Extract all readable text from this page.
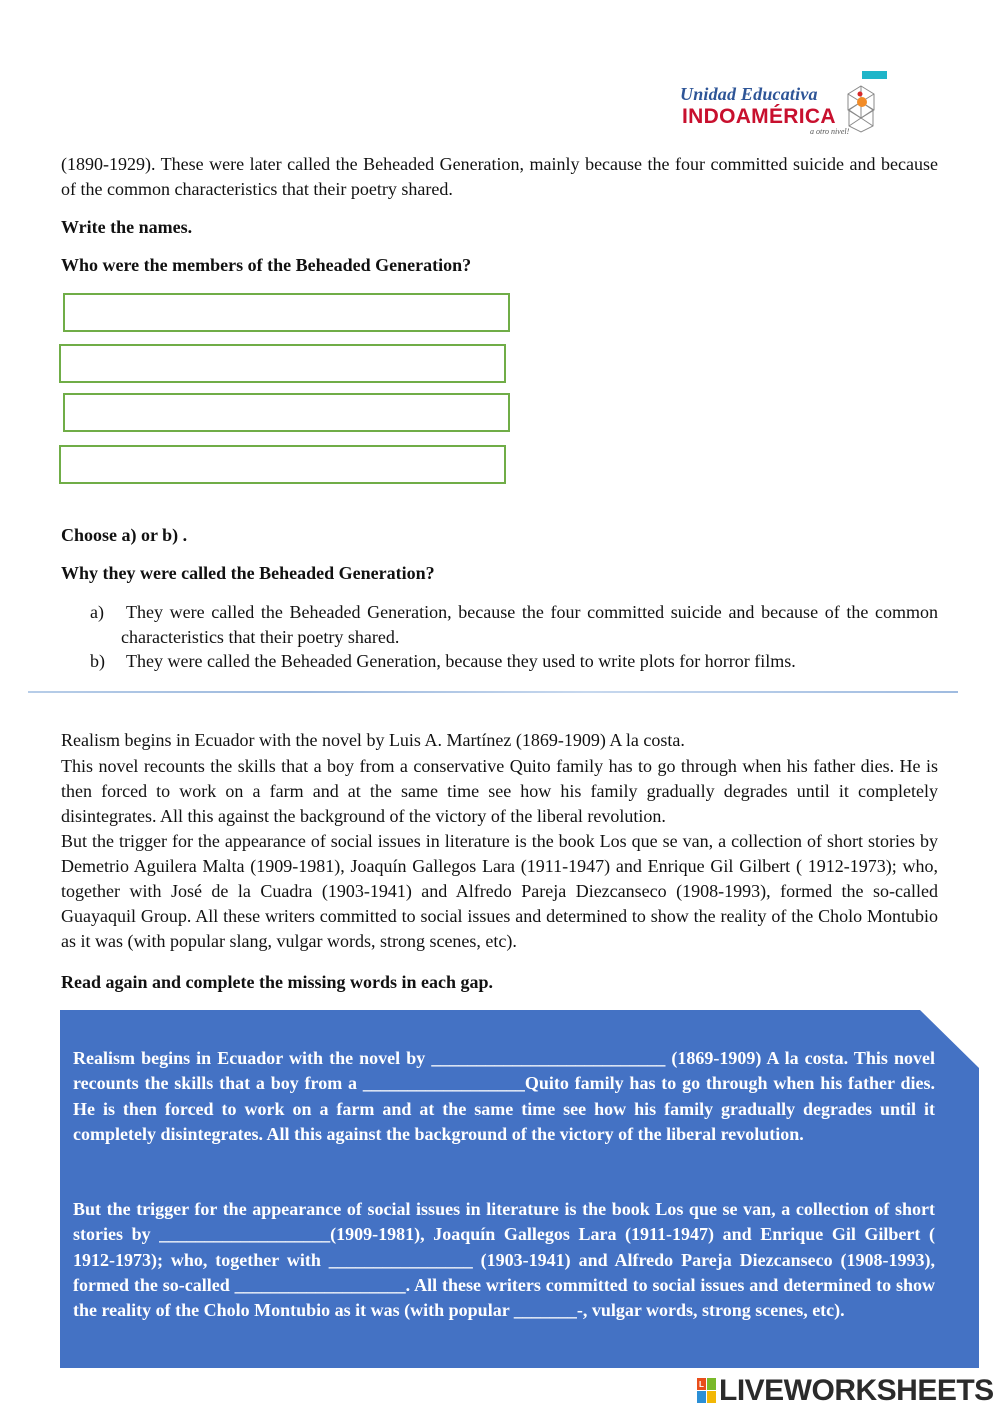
Unidad Educativa
INDOAMÉRICA
a otro nivel!

(1890-1929). These were later called the Beheaded Generation, mainly because the four committed suicide and because of the common characteristics that their poetry shared.

Write the names.

Who were the members of the Beheaded Generation?

Choose a) or b) .

Why they were called the Beheaded Generation?

a)	They were called the Beheaded Generation, because the four committed suicide and because of the common characteristics that their poetry shared.
b)	They were called the Beheaded Generation, because they used to write plots for horror films.

Realism begins in Ecuador with the novel by Luis A. Martínez (1869-1909) A la costa.

This novel recounts the skills that a boy from a conservative Quito family has to go through when his father dies. He is then forced to work on a farm and at the same time see how his family gradually degrades until it completely disintegrates. All this against the background of the victory of the liberal revolution.

But the trigger for the appearance of social issues in literature is the book Los que se van, a collection of short stories by Demetrio Aguilera Malta (1909-1981), Joaquín Gallegos Lara (1911-1947) and Enrique Gil Gilbert ( 1912-1973); who, together with José de la Cuadra (1903-1941) and Alfredo Pareja Diezcanseco (1908-1993), formed the so-called Guayaquil Group. All these writers committed to social issues and determined to show the reality of the Cholo Montubio as it was (with popular slang, vulgar words, strong scenes, etc).

Read again and complete the missing words in each gap.

Realism begins in Ecuador with the novel by __________________________ (1869-1909) A la costa. This novel recounts the skills that a boy from a __________________Quito family has to go through when his father dies. He is then forced to work on a farm and at the same time see how his family gradually degrades until it completely disintegrates. All this against the background of the victory of the liberal revolution.

But the trigger for the appearance of social issues in literature is the book Los que se van, a collection of short stories by ___________________(1909-1981), Joaquín Gallegos Lara (1911-1947) and Enrique Gil Gilbert ( 1912-1973); who, together with ________________ (1903-1941) and Alfredo Pareja Diezcanseco (1908-1993), formed the so-called ___________________. All these writers committed to social issues and determined to show the reality of the Cholo Montubio as it was (with popular _______-, vulgar words, strong scenes, etc).

L LIVEWORKSHEETS
